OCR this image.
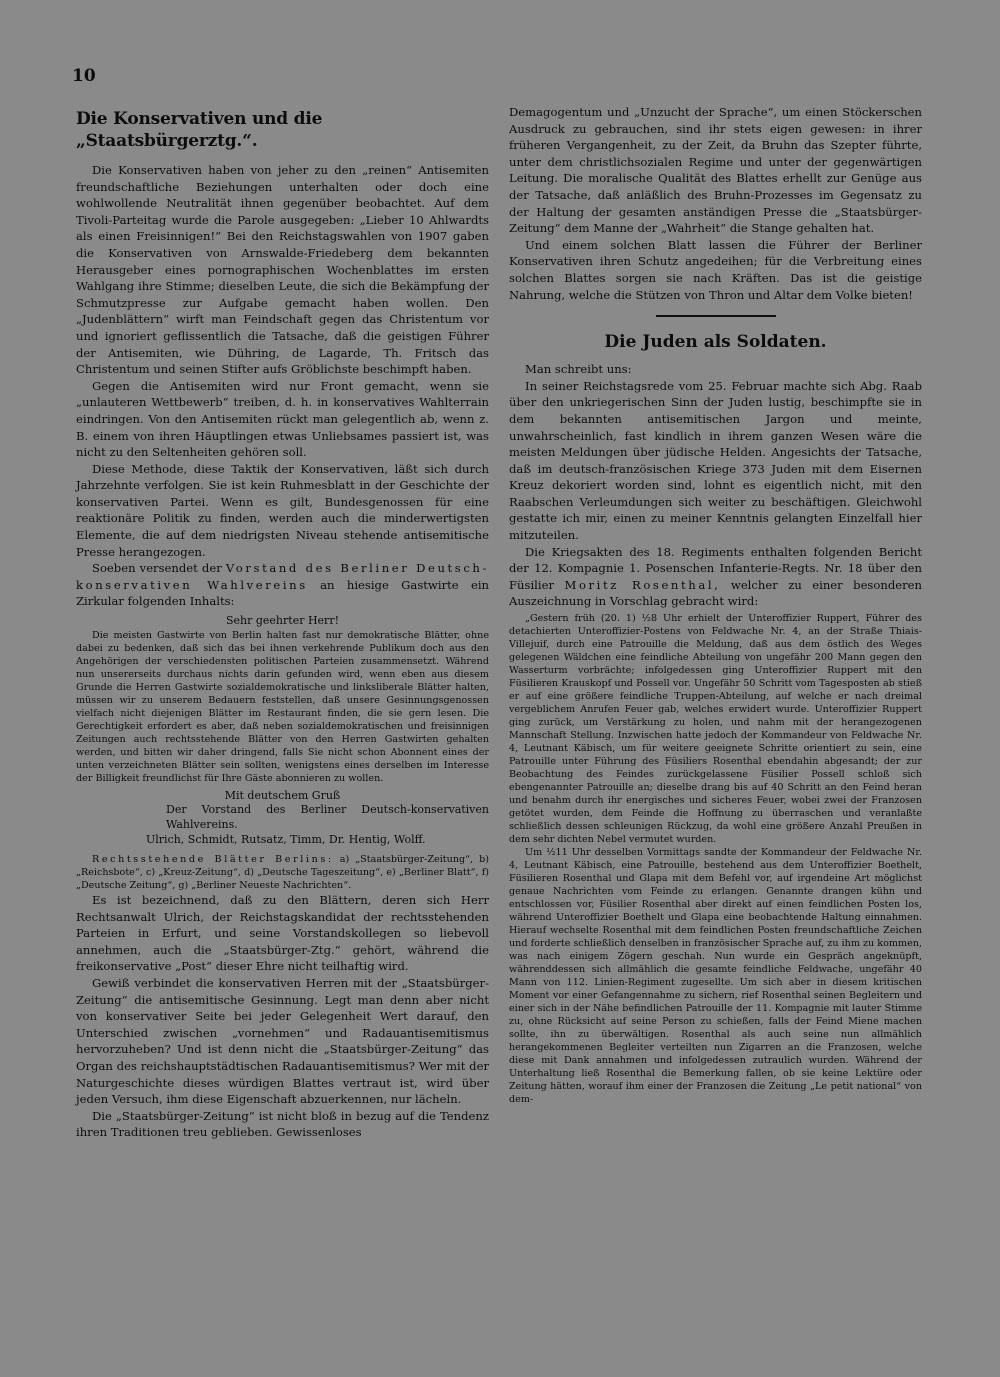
10
Die Konservativen und die „Staatsbürgerztg.“.

Die Konservativen haben von jeher zu den „reinen“ Antisemiten freundschaftliche Beziehungen unterhalten oder doch eine wohlwollende Neutralität ihnen gegenüber beobachtet. Auf dem Tivoli-Parteitag wurde die Parole ausgegeben: „Lieber 10 Ahlwardts als einen Freisinnigen!“ Bei den Reichstagswahlen von 1907 gaben die Konservativen von Arnswalde-Friedeberg dem bekannten Herausgeber eines pornographischen Wochenblattes im ersten Wahlgang ihre Stimme; dieselben Leute, die sich die Bekämpfung der Schmutzpresse zur Aufgabe gemacht haben wollen. Den „Judenblättern“ wirft man Feindschaft gegen das Christentum vor und ignoriert geflissentlich die Tatsache, daß die geistigen Führer der Antisemiten, wie Dühring, de Lagarde, Th. Fritsch das Christentum und seinen Stifter aufs Gröblichste beschimpft haben.

Gegen die Antisemiten wird nur Front gemacht, wenn sie „unlauteren Wettbewerb“ treiben, d. h. in konservatives Wahlterrain eindringen. Von den Antisemiten rückt man gelegentlich ab, wenn z. B. einem von ihren Häuptlingen etwas Unliebsames passiert ist, was nicht zu den Seltenheiten gehören soll.

Diese Methode, diese Taktik der Konservativen, läßt sich durch Jahrzehnte verfolgen. Sie ist kein Ruhmesblatt in der Geschichte der konservativen Partei. Wenn es gilt, Bundesgenossen für eine reaktionäre Politik zu finden, werden auch die minderwertigsten Elemente, die auf dem niedrigsten Niveau stehende antisemitische Presse herangezogen.

Soeben versendet der Vorstand des Berliner Deutsch-konservativen Wahlvereins an hiesige Gastwirte ein Zirkular folgenden Inhalts:

Sehr geehrter Herr!

Die meisten Gastwirte von Berlin halten fast nur demokratische Blätter, ohne dabei zu bedenken, daß sich das bei ihnen verkehrende Publikum doch aus den Angehörigen der verschiedensten politischen Parteien zusammensetzt. Während nun unsererseits durchaus nichts darin gefunden wird, wenn eben aus diesem Grunde die Herren Gastwirte sozialdemokratische und linksliberale Blätter halten, müssen wir zu unserem Bedauern feststellen, daß unsere Gesinnungsgenossen vielfach nicht diejenigen Blätter im Restaurant finden, die sie gern lesen. Die Gerechtigkeit erfordert es aber, daß neben sozialdemokratischen und freisinnigen Zeitungen auch rechtsstehende Blätter von den Herren Gastwirten gehalten werden, und bitten wir daher dringend, falls Sie nicht schon Abonnent eines der unten verzeichneten Blätter sein sollten, wenigstens eines derselben im Interesse der Billigkeit freundlichst für Ihre Gäste abonnieren zu wollen.

Mit deutschem Gruß

Der Vorstand des Berliner Deutsch-konservativen Wahlvereins.

Ulrich, Schmidt, Rutsatz, Timm, Dr. Hentig, Wolff.

Rechtsstehende Blätter Berlins: a) „Staatsbürger-Zeitung“, b) „Reichsbote“, c) „Kreuz-Zeitung“, d) „Deutsche Tageszeitung“, e) „Berliner Blatt“, f) „Deutsche Zeitung“, g) „Berliner Neueste Nachrichten“.

Es ist bezeichnend, daß zu den Blättern, deren sich Herr Rechtsanwalt Ulrich, der Reichstagskandidat der rechtsstehenden Parteien in Erfurt, und seine Vorstandskollegen so liebevoll annehmen, auch die „Staatsbürger-Ztg.“ gehört, während die freikonservative „Post“ dieser Ehre nicht teilhaftig wird.

Gewiß verbindet die konservativen Herren mit der „Staatsbürger-Zeitung“ die antisemitische Gesinnung. Legt man denn aber nicht von konservativer Seite bei jeder Gelegenheit Wert darauf, den Unterschied zwischen „vornehmen“ und Radauantisemitismus hervorzuheben? Und ist denn nicht die „Staatsbürger-Zeitung“ das Organ des reichshauptstädtischen Radauantisemitismus? Wer mit der Naturgeschichte dieses würdigen Blattes vertraut ist, wird über jeden Versuch, ihm diese Eigenschaft abzuerkennen, nur lächeln.

Die „Staatsbürger-Zeitung“ ist nicht bloß in bezug auf die Tendenz ihren Traditionen treu geblieben. Gewissenloses

Demagogentum und „Unzucht der Sprache“, um einen Stöckerschen Ausdruck zu gebrauchen, sind ihr stets eigen gewesen: in ihrer früheren Vergangenheit, zu der Zeit, da Bruhn das Szepter führte, unter dem christlichsozialen Regime und unter der gegenwärtigen Leitung. Die moralische Qualität des Blattes erhellt zur Genüge aus der Tatsache, daß anläßlich des Bruhn-Prozesses im Gegensatz zu der Haltung der gesamten anständigen Presse die „Staatsbürger-Zeitung“ dem Manne der „Wahrheit“ die Stange gehalten hat.

Und einem solchen Blatt lassen die Führer der Berliner Konservativen ihren Schutz angedeihen; für die Verbreitung eines solchen Blattes sorgen sie nach Kräften. Das ist die geistige Nahrung, welche die Stützen von Thron und Altar dem Volke bieten!

Die Juden als Soldaten.

Man schreibt uns:

In seiner Reichstagsrede vom 25. Februar machte sich Abg. Raab über den unkriegerischen Sinn der Juden lustig, beschimpfte sie in dem bekannten antisemitischen Jargon und meinte, unwahrscheinlich, fast kindlich in ihrem ganzen Wesen wäre die meisten Meldungen über jüdische Helden. Angesichts der Tatsache, daß im deutsch-französischen Kriege 373 Juden mit dem Eisernen Kreuz dekoriert worden sind, lohnt es eigentlich nicht, mit den Raabschen Verleumdungen sich weiter zu beschäftigen. Gleichwohl gestatte ich mir, einen zu meiner Kenntnis gelangten Einzelfall hier mitzuteilen.

Die Kriegsakten des 18. Regiments enthalten folgenden Bericht der 12. Kompagnie 1. Posenschen Infanterie-Regts. Nr. 18 über den Füsilier Moritz Rosenthal, welcher zu einer besonderen Auszeichnung in Vorschlag gebracht wird:

„Gestern früh (20. 1) ½8 Uhr erhielt der Unteroffizier Ruppert, Führer des detachierten Unteroffizier-Postens von Feldwache Nr. 4, an der Straße Thiais-Villejuif, durch eine Patrouille die Meldung, daß aus dem östlich des Weges gelegenen Wäldchen eine feindliche Abteilung von ungefähr 200 Mann gegen den Wasserturm vorbrächte; infolgedessen ging Unteroffizier Ruppert mit den Füsilieren Krauskopf und Possell vor. Ungefähr 50 Schritt vom Tagesposten ab stieß er auf eine größere feindliche Truppen-Abteilung, auf welche er nach dreimal vergeblichem Anrufen Feuer gab, welches erwidert wurde. Unteroffizier Ruppert ging zurück, um Verstärkung zu holen, und nahm mit der herangezogenen Mannschaft Stellung. Inzwischen hatte jedoch der Kommandeur von Feldwache Nr. 4, Leutnant Käbisch, um für weitere geeignete Schritte orientiert zu sein, eine Patrouille unter Führung des Füsiliers Rosenthal ebendahin abgesandt; der zur Beobachtung des Feindes zurückgelassene Füsilier Possell schloß sich ebengenannter Patrouille an; dieselbe drang bis auf 40 Schritt an den Feind heran und benahm durch ihr energisches und sicheres Feuer, wobei zwei der Franzosen getötet wurden, dem Feinde die Hoffnung zu überraschen und veranlaßte schließlich dessen schleunigen Rückzug, da wohl eine größere Anzahl Preußen in dem sehr dichten Nebel vermutet wurden.

Um ½11 Uhr desselben Vormittags sandte der Kommandeur der Feldwache Nr. 4, Leutnant Käbisch, eine Patrouille, bestehend aus dem Unteroffizier Boethelt, Füsilieren Rosenthal und Glapa mit dem Befehl vor, auf irgendeine Art möglichst genaue Nachrichten vom Feinde zu erlangen. Genannte drangen kühn und entschlossen vor, Füsilier Rosenthal aber direkt auf einen feindlichen Posten los, während Unteroffizier Boethelt und Glapa eine beobachtende Haltung einnahmen. Hierauf wechselte Rosenthal mit dem feindlichen Posten freundschaftliche Zeichen und forderte schließlich denselben in französischer Sprache auf, zu ihm zu kommen, was nach einigem Zögern geschah. Nun wurde ein Gespräch angeknüpft, währenddessen sich allmählich die gesamte feindliche Feldwache, ungefähr 40 Mann von 112. Linien-Regiment zugesellte. Um sich aber in diesem kritischen Moment vor einer Gefangennahme zu sichern, rief Rosenthal seinen Begleitern und einer sich in der Nähe befindlichen Patrouille der 11. Kompagnie mit lauter Stimme zu, ohne Rücksicht auf seine Person zu schießen, falls der Feind Miene machen sollte, ihn zu überwältigen. Rosenthal als auch seine nun allmählich herangekommenen Begleiter verteilten nun Zigarren an die Franzosen, welche diese mit Dank annahmen und infolgedessen zutraulich wurden. Während der Unterhaltung ließ Rosenthal die Bemerkung fallen, ob sie keine Lektüre oder Zeitung hätten, worauf ihm einer der Franzosen die Zeitung „Le petit national“ von dem-
